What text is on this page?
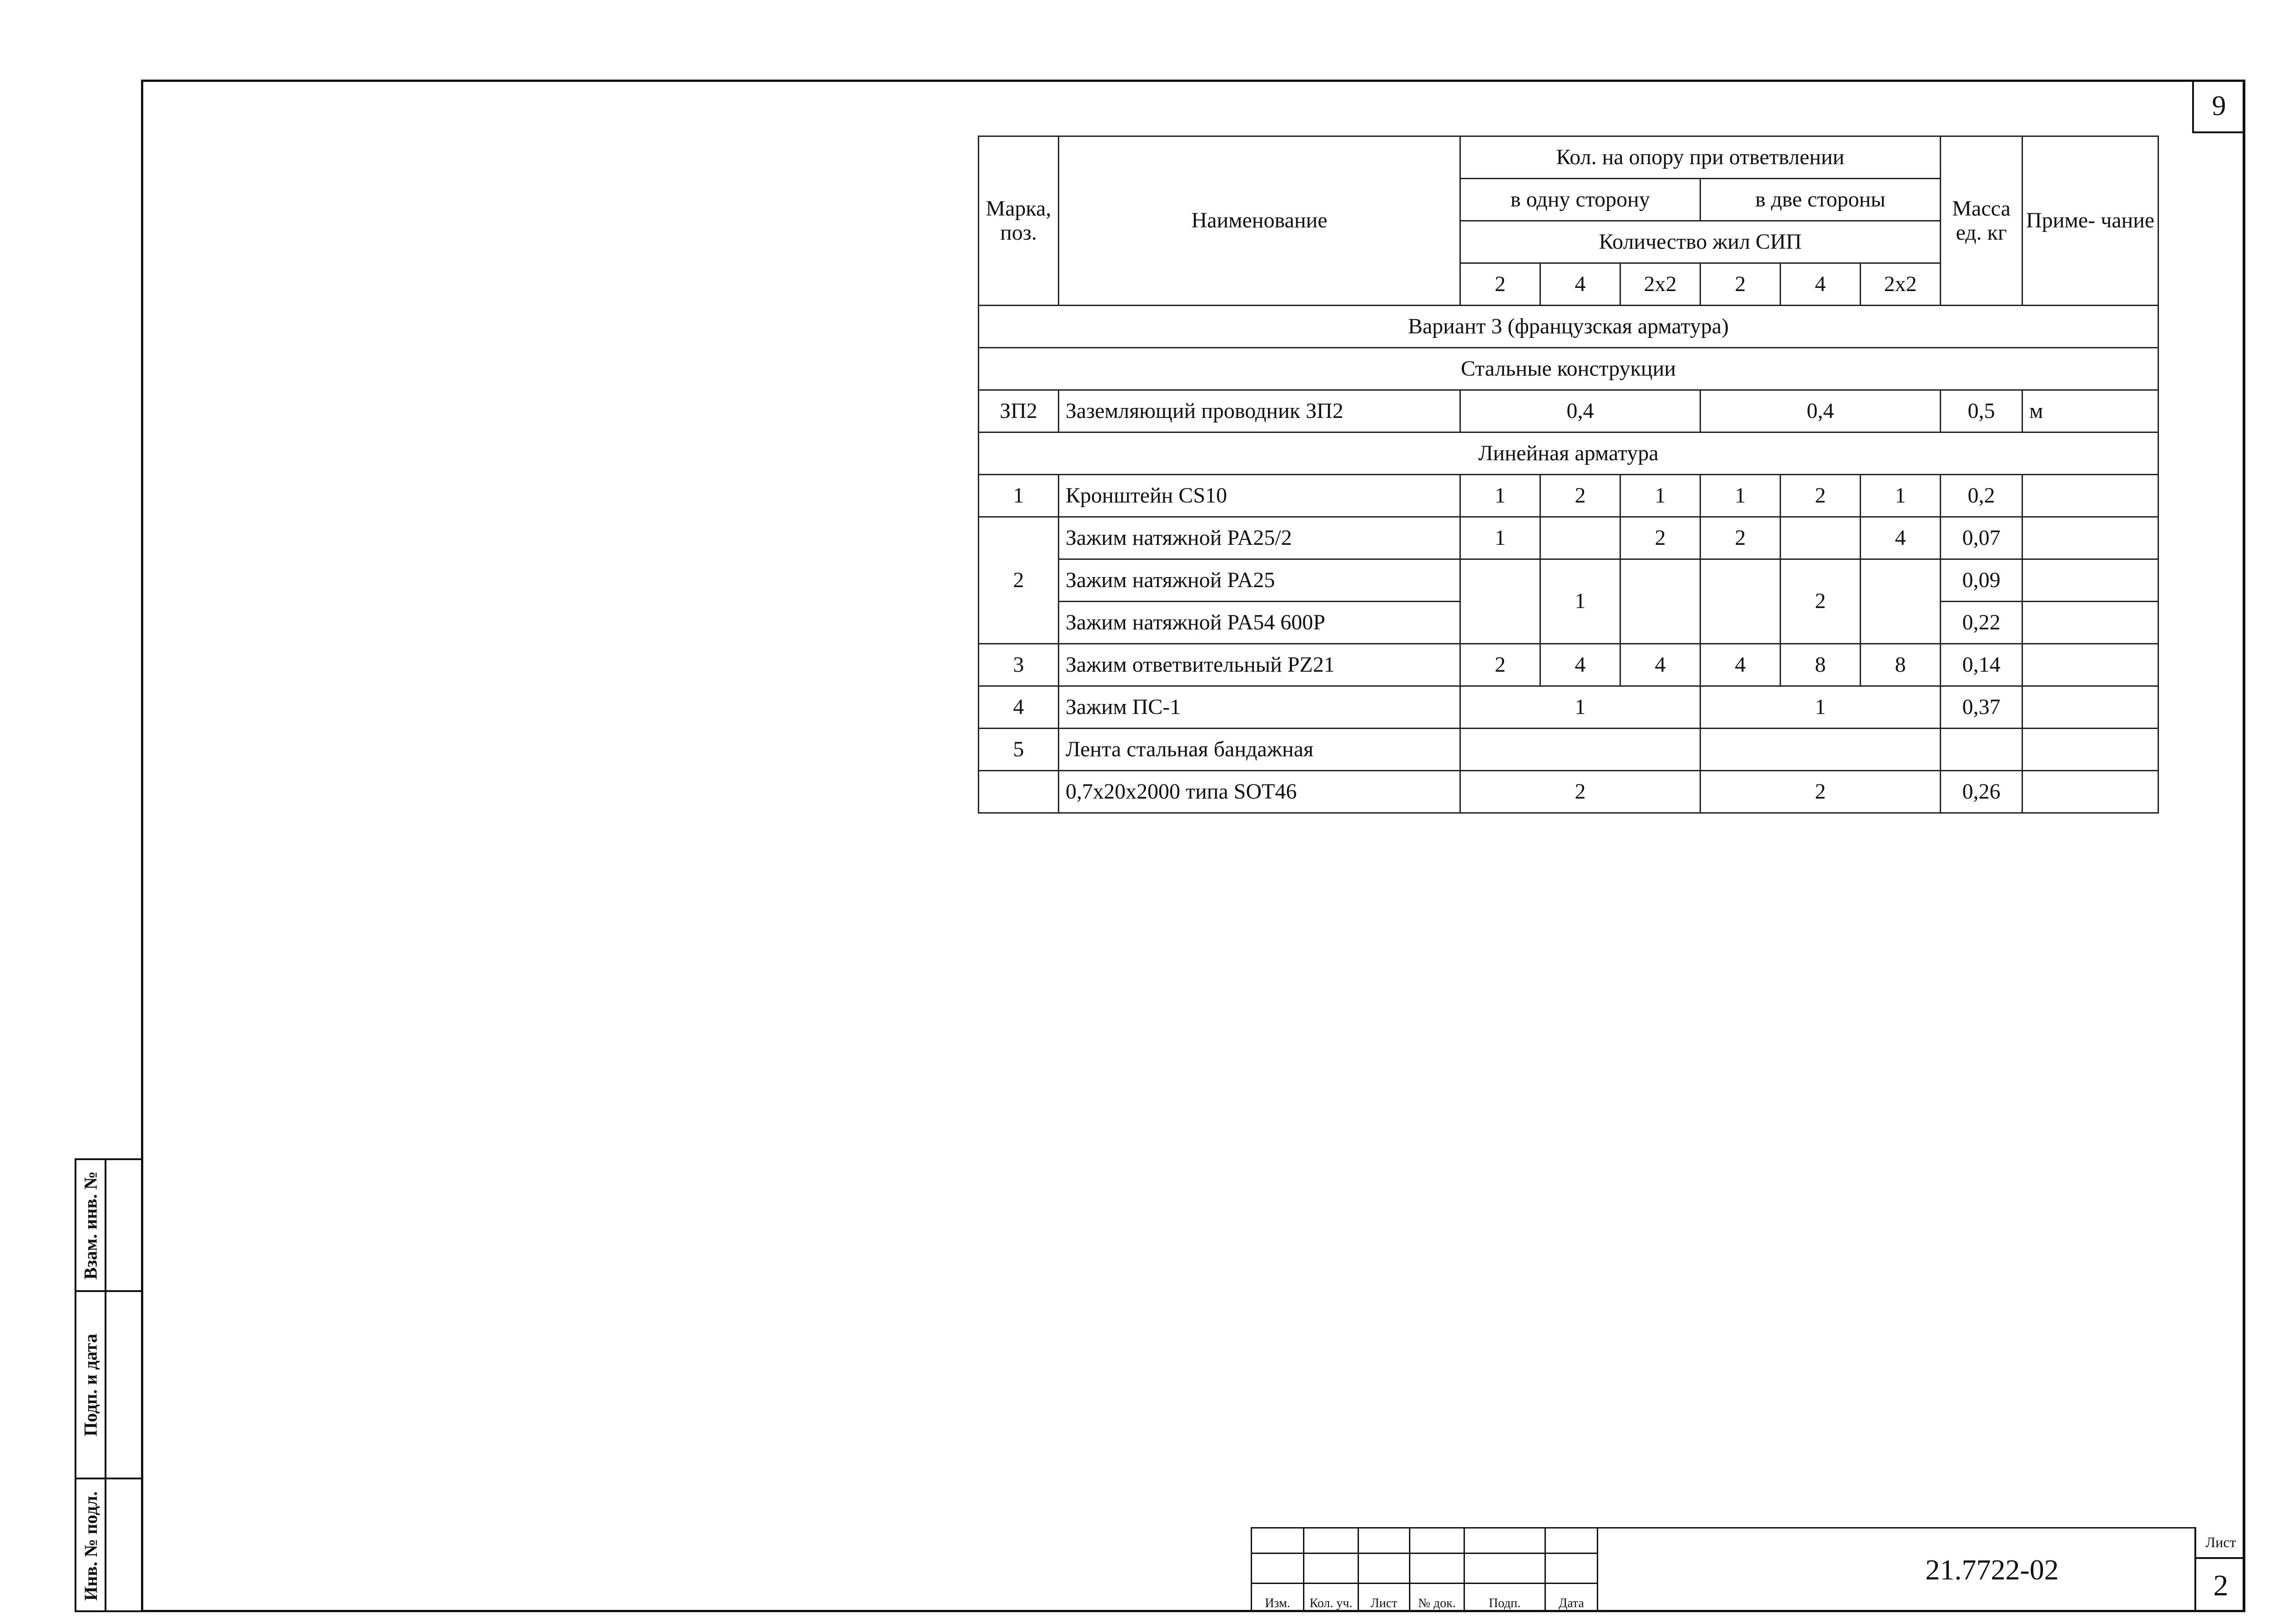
9
Марка, поз.	Наименование	Кол. на опору при ответвлении						Масса ед. кг	Приме- чание
		в одну сторону			в две стороны				
		Количество жил СИП							
		2	4	2х2	2	4	2х2		
Вариант 3 (французская арматура)									
Стальные конструкции									
ЗП2	Заземляющий проводник ЗП2	0,4			0,4			0,5	м
Линейная арматура									
1	Кронштейн CS10	1	2	1	1	2	1	0,2	
2	Зажим натяжной PA25/2	1		2	2		4	0,07	
	Зажим натяжной PA25		1			2		0,09	
	Зажим натяжной PA54 600P							0,22	
3	Зажим ответвительный PZ21	2	4	4	4	8	8	0,14	
4	Зажим ПС-1	1			1			0,37	
5	Лента стальная бандажная								
	0,7х20х2000 типа SOT46	2			2			0,26	
Взам. инв. №
Подп. и дата
Инв. № подл.

Изм.	Кол. уч.	Лист	№ док.	Подп.	Дата
21.7722-02
Лист
2
